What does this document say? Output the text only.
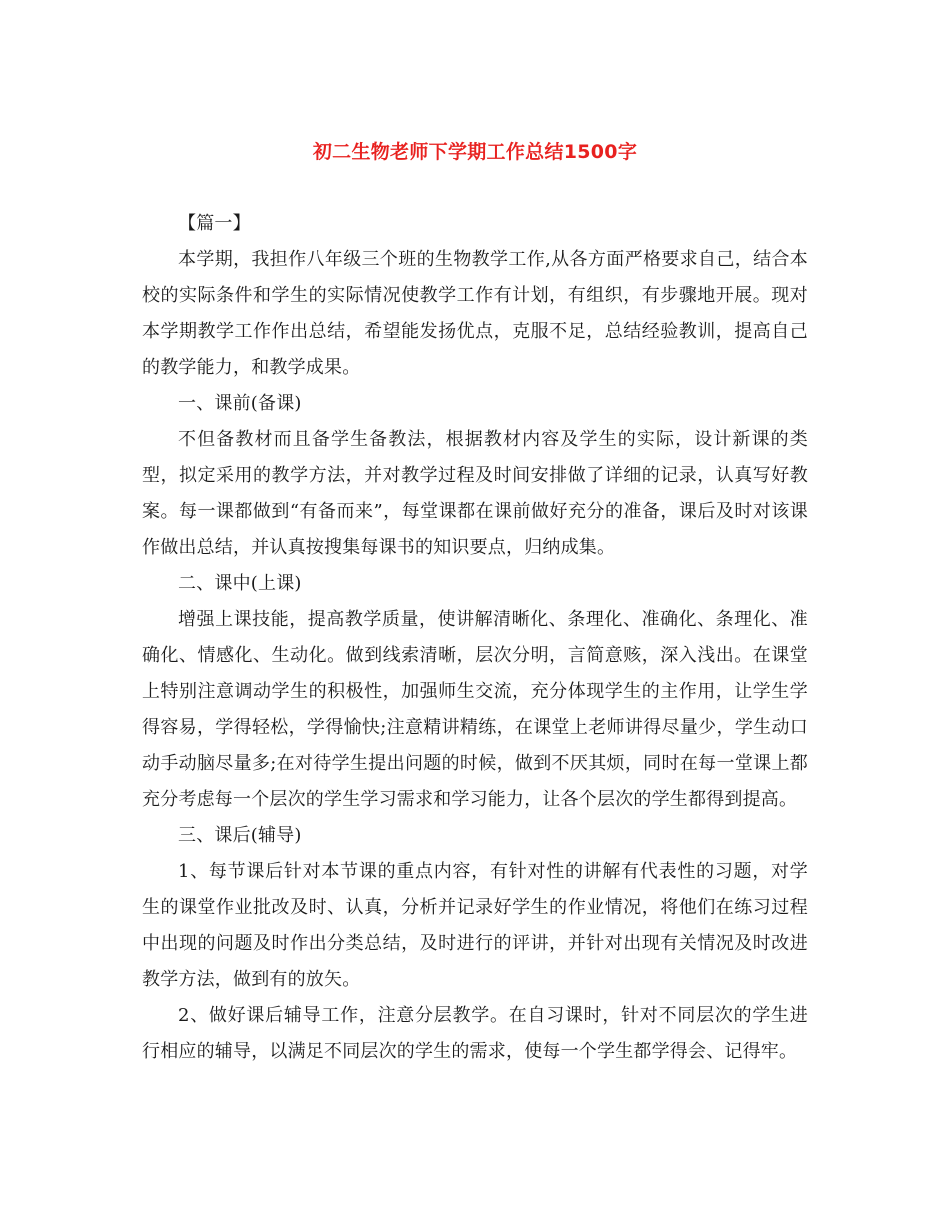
初二生物老师下学期工作总结1500字

【篇一】

本学期，我担作八年级三个班的生物教学工作,从各方面严格要求自己，结合本校的实际条件和学生的实际情况使教学工作有计划，有组织，有步骤地开展。现对本学期教学工作作出总结，希望能发扬优点，克服不足，总结经验教训，提高自己的教学能力，和教学成果。

一、课前(备课)

不但备教材而且备学生备教法，根据教材内容及学生的实际，设计新课的类型，拟定采用的教学方法，并对教学过程及时间安排做了详细的记录，认真写好教案。每一课都做到“有备而来”，每堂课都在课前做好充分的准备，课后及时对该课作做出总结，并认真按搜集每课书的知识要点，归纳成集。

二、课中(上课)

增强上课技能，提高教学质量，使讲解清晰化、条理化、准确化、条理化、准确化、情感化、生动化。做到线索清晰，层次分明，言简意赅，深入浅出。在课堂上特别注意调动学生的积极性，加强师生交流，充分体现学生的主作用，让学生学得容易，学得轻松，学得愉快;注意精讲精练，在课堂上老师讲得尽量少，学生动口动手动脑尽量多;在对待学生提出问题的时候，做到不厌其烦，同时在每一堂课上都充分考虑每一个层次的学生学习需求和学习能力，让各个层次的学生都得到提高。

三、课后(辅导)

1、每节课后针对本节课的重点内容，有针对性的讲解有代表性的习题，对学生的课堂作业批改及时、认真，分析并记录好学生的作业情况，将他们在练习过程中出现的问题及时作出分类总结，及时进行的评讲，并针对出现有关情况及时改进教学方法，做到有的放矢。

2、做好课后辅导工作，注意分层教学。在自习课时，针对不同层次的学生进行相应的辅导，以满足不同层次的学生的需求，使每一个学生都学得会、记得牢。
